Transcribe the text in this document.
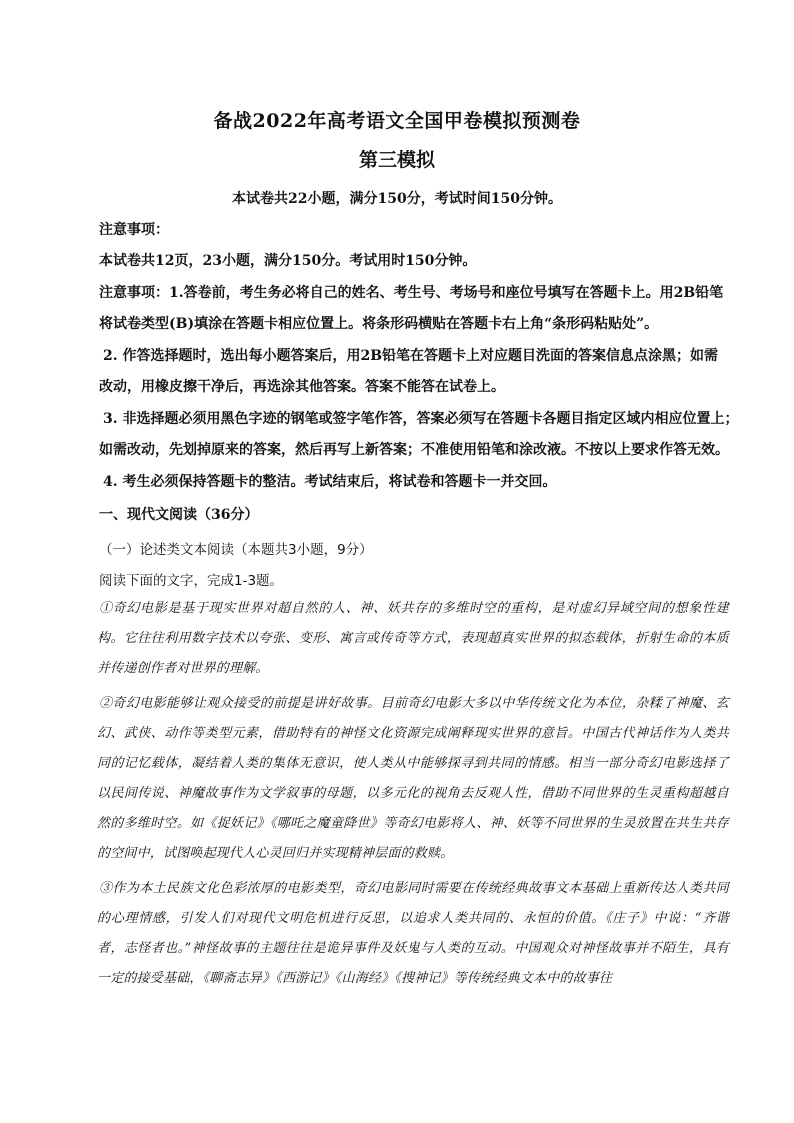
备战2022年高考语文全国甲卷模拟预测卷
第三模拟
本试卷共22小题，满分150分，考试时间150分钟。
注意事项：
本试卷共12页，23小题，满分150分。考试用时150分钟。
注意事项：1.答卷前，考生务必将自己的姓名、考生号、考场号和座位号填写在答题卡上。用2B铅笔
将试卷类型(B)填涂在答题卡相应位置上。将条形码横贴在答题卡右上角“条形码粘贴处”。
2. 作答选择题时，选出每小题答案后，用2B铅笔在答题卡上对应题目洗面的答案信息点涂黑；如需
改动，用橡皮擦干净后，再选涂其他答案。答案不能答在试卷上。
3. 非选择题必须用黑色字迹的钢笔或签字笔作答，答案必须写在答题卡各题目指定区域内相应位置上；
如需改动，先划掉原来的答案，然后再写上新答案；不准使用铅笔和涂改液。不按以上要求作答无效。
4. 考生必须保持答题卡的整洁。考试结束后，将试卷和答题卡一并交回。
一、现代文阅读（36分）
（一）论述类文本阅读（本题共3小题，9分）
阅读下面的文字，完成1-3题。

①奇幻电影是基于现实世界对超自然的人、神、妖共存的多维时空的重构，是对虚幻异域空间的想象性建构。它往往利用数字技术以夸张、变形、寓言或传奇等方式，表现超真实世界的拟态载体，折射生命的本质并传递创作者对世界的理解。

②奇幻电影能够让观众接受的前提是讲好故事。目前奇幻电影大多以中华传统文化为本位，杂糅了神魔、玄幻、武侠、动作等类型元素，借助特有的神怪文化资源完成阐释现实世界的意旨。中国古代神话作为人类共同的记忆载体，凝结着人类的集体无意识，使人类从中能够探寻到共同的情感。相当一部分奇幻电影选择了以民间传说、神魔故事作为文学叙事的母题，以多元化的视角去反观人性，借助不同世界的生灵重构超越自然的多维时空。如《捉妖记》《哪吒之魔童降世》等奇幻电影将人、神、妖等不同世界的生灵放置在共生共存的空间中，试图唤起现代人心灵回归并实现精神层面的救赎。

③作为本土民族文化色彩浓厚的电影类型，奇幻电影同时需要在传统经典故事文本基础上重新传达人类共同的心理情感，引发人们对现代文明危机进行反思，以追求人类共同的、永恒的价值。《庄子》中说：“齐谐者，志怪者也。”神怪故事的主题往往是诡异事件及妖鬼与人类的互动。中国观众对神怪故事并不陌生，具有一定的接受基础，《聊斋志异》《西游记》《山海经》《搜神记》等传统经典文本中的故事往
